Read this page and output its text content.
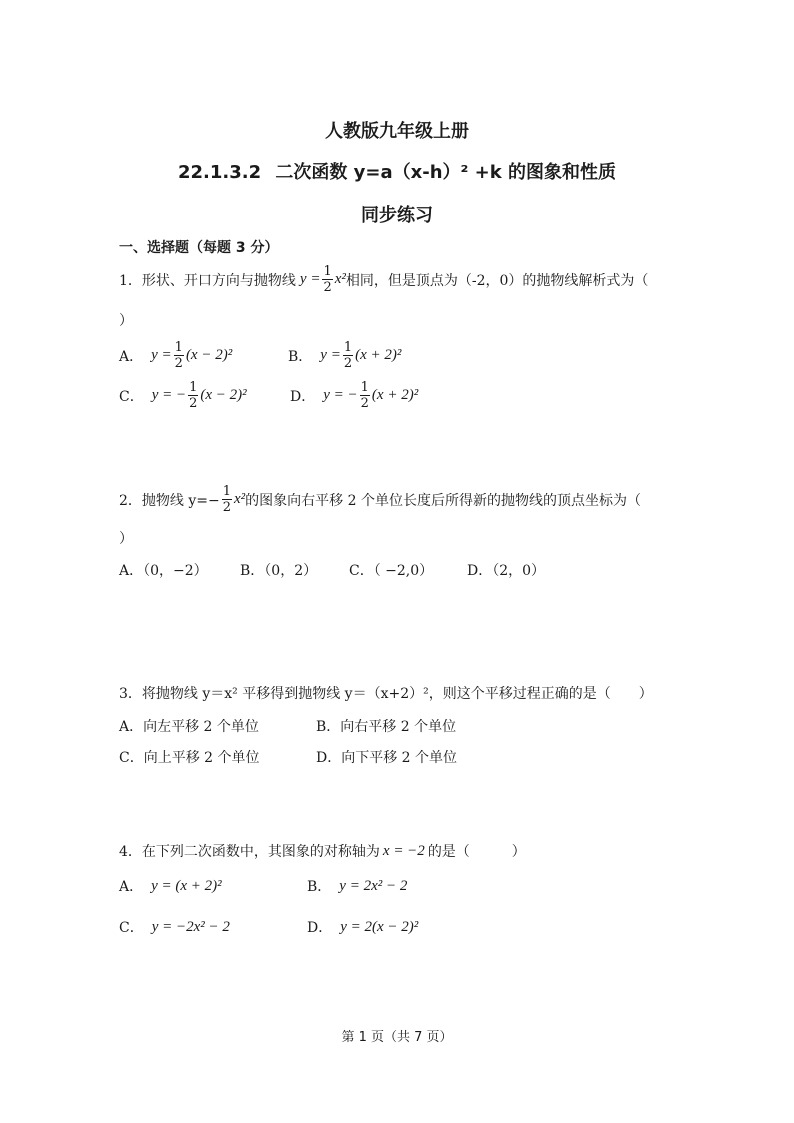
人教版九年级上册
22.1.3.2 二次函数 y=a（x-h）² +k 的图象和性质
同步练习
一、选择题（每题 3 分）
1．形状、开口方向与抛物线 $y = \frac{1}{2} x^2$ 相同，但是顶点为（-2，0）的抛物线解析式为（
）
A． $y = \frac{1}{2} (x - 2)^2$	B． $y = \frac{1}{2} (x + 2)^2$
C． y = − $\frac{1}{2} (x - 2)^2$	D． y = − $\frac{1}{2} (x + 2)^2$
2．抛物线 $y=- \frac{1}{2} x^2$ 的图象向右平移 2 个单位长度后所得新的抛物线的顶点坐标为（
）
A．（0，−2） B．（0，2） C．（ −2,0） D．（2，0）
3．将抛物线 y＝x² 平移得到抛物线 y＝（x+2）²，则这个平移过程正确的是（　　）
A．向左平移 2 个单位	B．向右平移 2 个单位
C．向上平移 2 个单位	D．向下平移 2 个单位
4．在下列二次函数中，其图象的对称轴为 x = −2 的是（　　　）
A． y = (x + 2)²	B． y = 2x² − 2
C． y = −2x² − 2	D． y = 2(x − 2)²
第 1 页（共 7 页）
